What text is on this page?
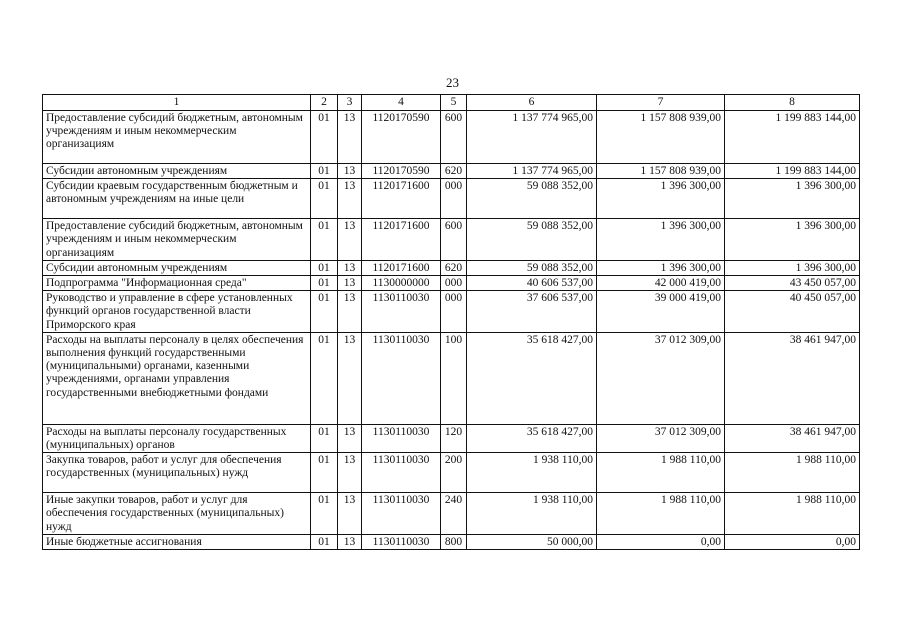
23
1	2	3	4	5	6	7	8
Предоставление субсидий бюджетным, автономным учреждениям и иным некоммерческим организациям	01	13	1120170590	600	1 137 774 965,00	1 157 808 939,00	1 199 883 144,00
Субсидии автономным учреждениям	01	13	1120170590	620	1 137 774 965,00	1 157 808 939,00	1 199 883 144,00
Субсидии краевым государственным бюджетным и автономным учреждениям на иные цели	01	13	1120171600	000	59 088 352,00	1 396 300,00	1 396 300,00
Предоставление субсидий бюджетным, автономным учреждениям и иным некоммерческим организациям	01	13	1120171600	600	59 088 352,00	1 396 300,00	1 396 300,00
Субсидии автономным учреждениям	01	13	1120171600	620	59 088 352,00	1 396 300,00	1 396 300,00
Подпрограмма "Информационная среда"	01	13	1130000000	000	40 606 537,00	42 000 419,00	43 450 057,00
Руководство и управление в сфере установленных функций органов государственной власти Приморского края	01	13	1130110030	000	37 606 537,00	39 000 419,00	40 450 057,00
Расходы на выплаты персоналу в целях обеспечения выполнения функций государственными (муниципальными) органами, казенными учреждениями, органами управления государственными внебюджетными фондами	01	13	1130110030	100	35 618 427,00	37 012 309,00	38 461 947,00
Расходы на выплаты персоналу государственных (муниципальных) органов	01	13	1130110030	120	35 618 427,00	37 012 309,00	38 461 947,00
Закупка товаров, работ и услуг для обеспечения государственных (муниципальных) нужд	01	13	1130110030	200	1 938 110,00	1 988 110,00	1 988 110,00
Иные закупки товаров, работ и услуг для обеспечения государственных (муниципальных) нужд	01	13	1130110030	240	1 938 110,00	1 988 110,00	1 988 110,00
Иные бюджетные ассигнования	01	13	1130110030	800	50 000,00	0,00	0,00
